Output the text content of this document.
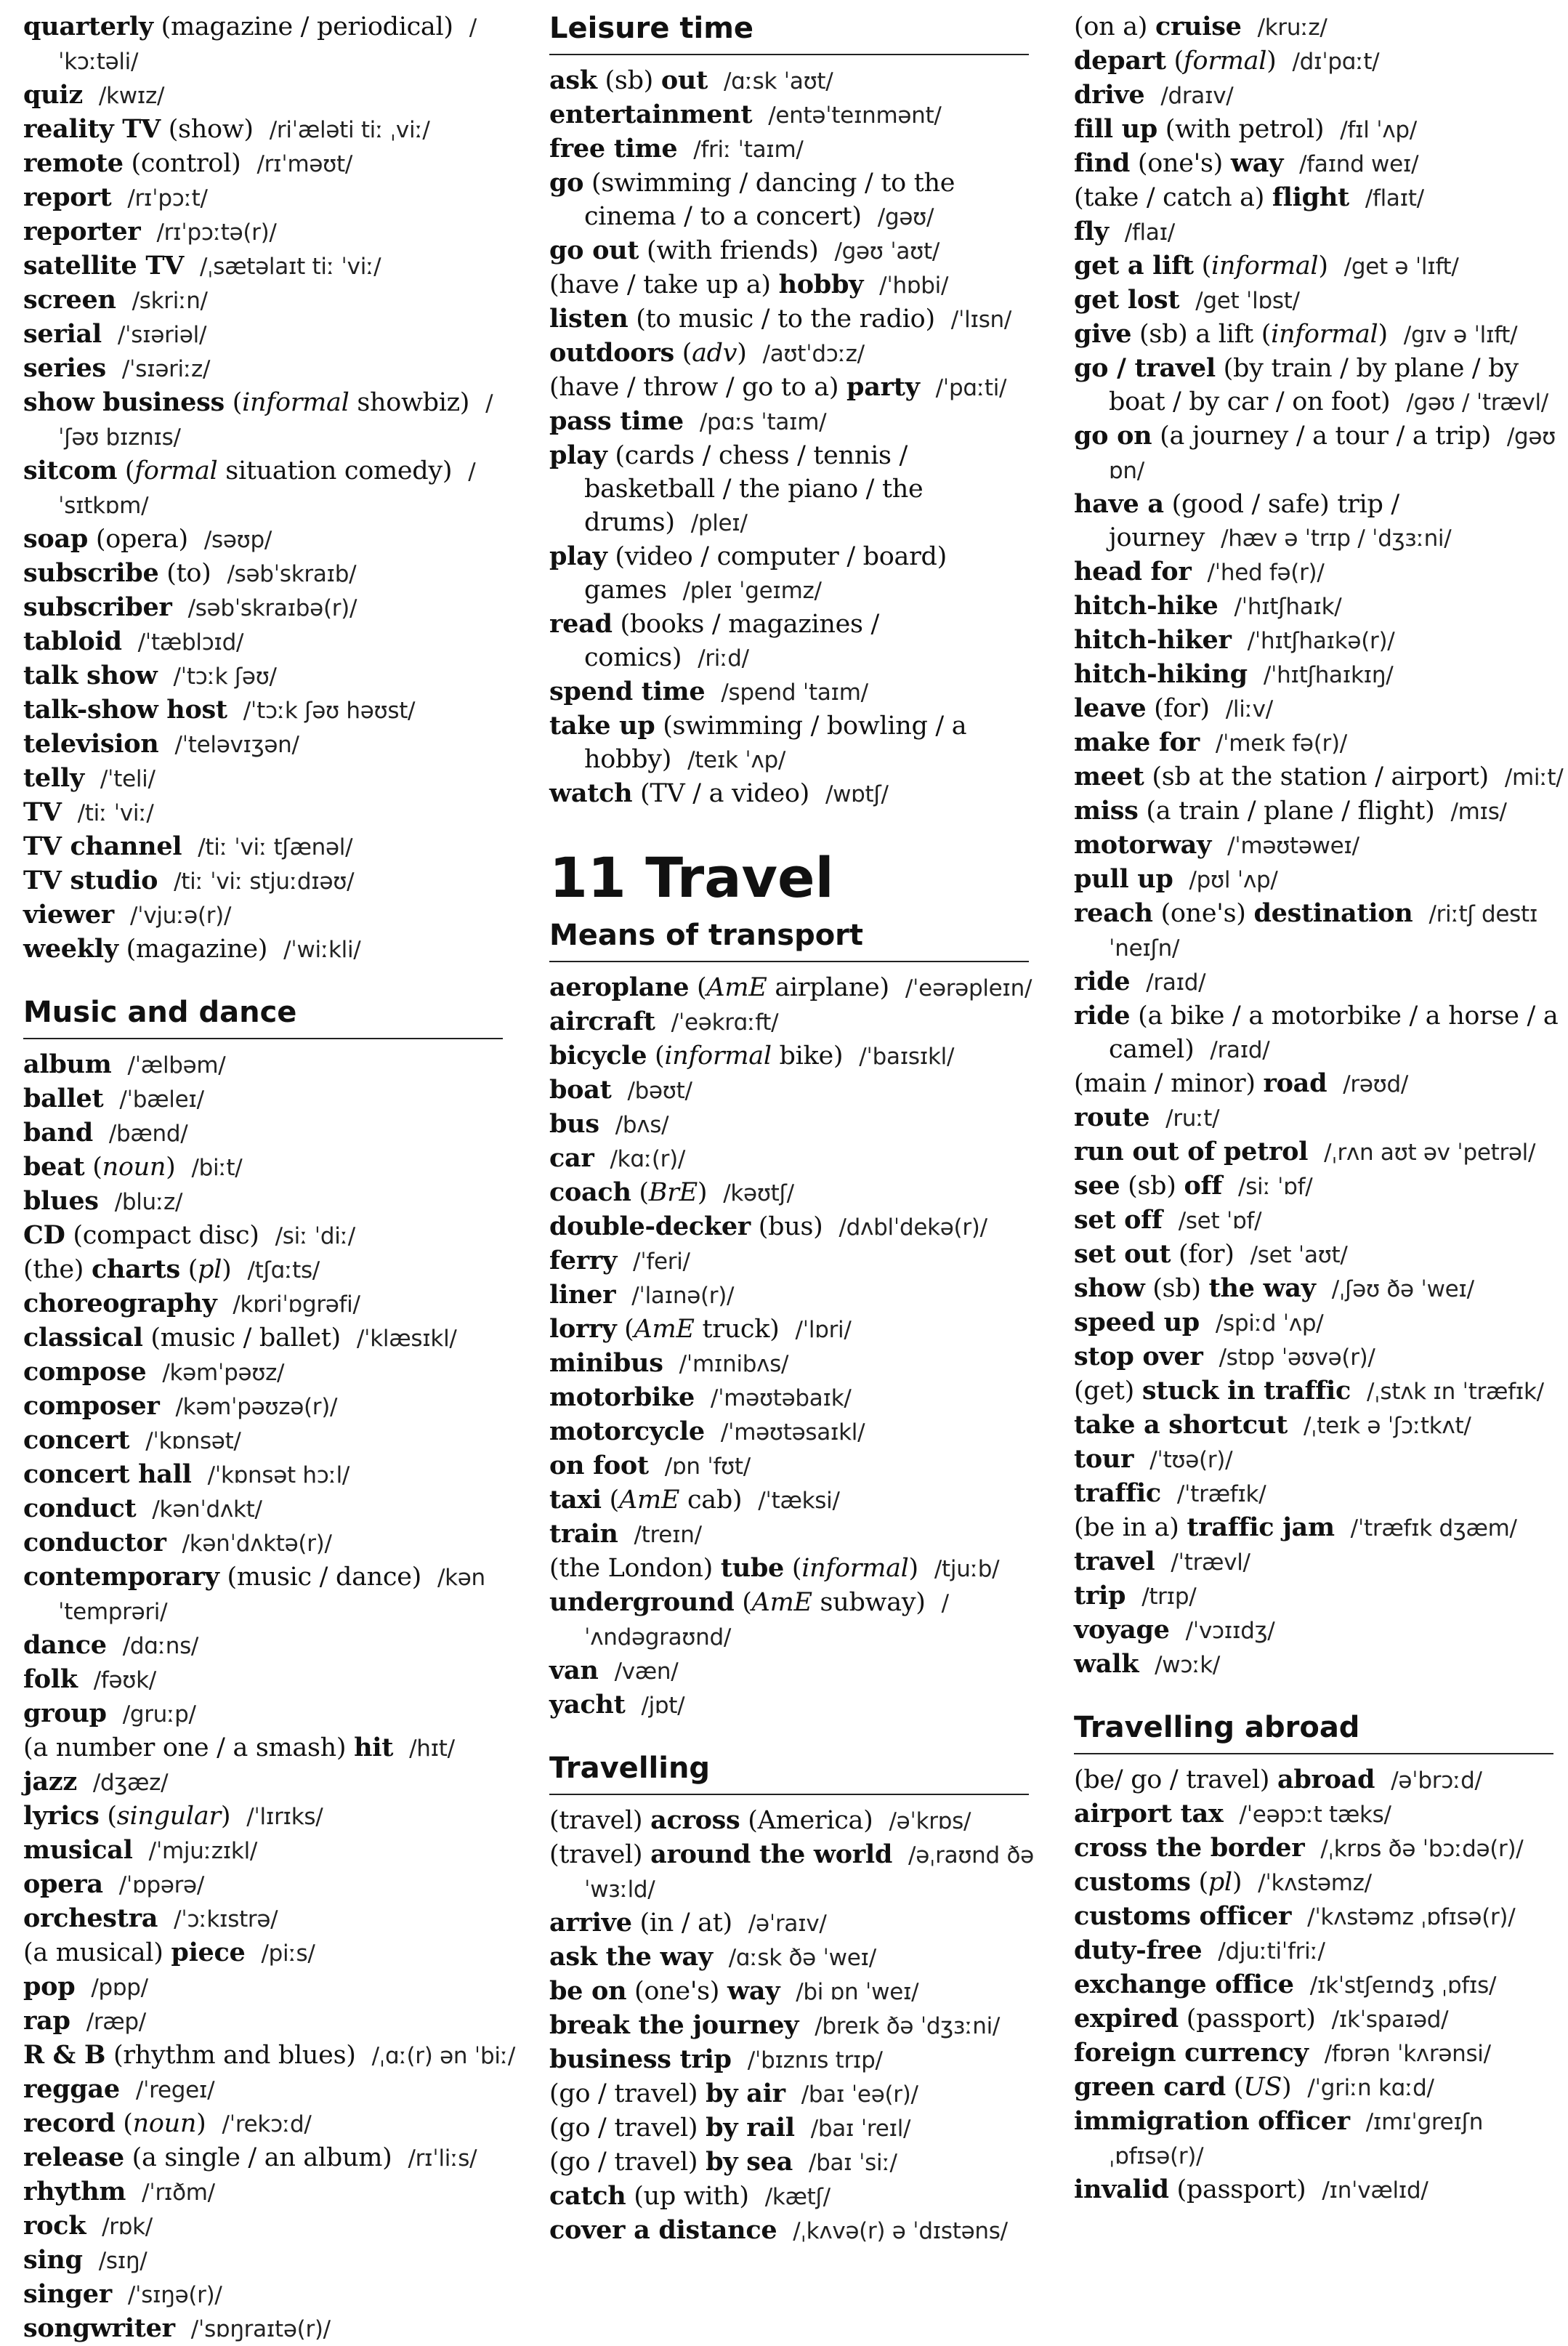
quarterly (magazine / periodical) /ˈkɔːtəli/
quiz /kwɪz/
reality TV (show) /riˈæləti tiː ˌviː/
remote (control) /rɪˈməʊt/
report /rɪˈpɔːt/
reporter /rɪˈpɔːtə(r)/
satellite TV /ˌsætəlaɪt tiː ˈviː/
screen /skriːn/
serial /ˈsɪəriəl/
series /ˈsɪəriːz/
show business (informal showbiz) /ˈʃəʊ bɪznɪs/
sitcom (formal situation comedy) /ˈsɪtkɒm/
soap (opera) /səʊp/
subscribe (to) /səbˈskraɪb/
subscriber /səbˈskraɪbə(r)/
tabloid /ˈtæblɔɪd/
talk show /ˈtɔːk ʃəʊ/
talk-show host /ˈtɔːk ʃəʊ həʊst/
television /ˈteləvɪʒən/
telly /ˈteli/
TV /tiː ˈviː/
TV channel /tiː ˈviː tʃænəl/
TV studio /tiː ˈviː stjuːdɪəʊ/
viewer /ˈvjuːə(r)/
weekly (magazine) /ˈwiːkli/
Music and dance
album /ˈælbəm/
ballet /ˈbæleɪ/
band /bænd/
beat (noun) /biːt/
blues /bluːz/
CD (compact disc) /siː ˈdiː/
(the) charts (pl) /tʃɑːts/
choreography /kɒriˈɒgrəfi/
classical (music / ballet) /ˈklæsɪkl/
compose /kəmˈpəʊz/
composer /kəmˈpəʊzə(r)/
concert /ˈkɒnsət/
concert hall /ˈkɒnsət hɔːl/
conduct /kənˈdʌkt/
conductor /kənˈdʌktə(r)/
contemporary (music / dance) /kənˈtemprəri/
dance /dɑːns/
folk /fəʊk/
group /gruːp/
(a number one / a smash) hit /hɪt/
jazz /dʒæz/
lyrics (singular) /ˈlɪrɪks/
musical /ˈmjuːzɪkl/
opera /ˈɒpərə/
orchestra /ˈɔːkɪstrə/
(a musical) piece /piːs/
pop /pɒp/
rap /ræp/
R & B (rhythm and blues) /ˌɑː(r) ən ˈbiː/
reggae /ˈregeɪ/
record (noun) /ˈrekɔːd/
release (a single / an album) /rɪˈliːs/
rhythm /ˈrɪðm/
rock /rɒk/
sing /sɪŋ/
singer /ˈsɪŋə(r)/
songwriter /ˈsɒŋraɪtə(r)/
Leisure time
ask (sb) out /ɑːsk ˈaʊt/
entertainment /entəˈteɪnmənt/
free time /friː ˈtaɪm/
go (swimming / dancing / to the cinema / to a concert) /gəʊ/
go out (with friends) /gəʊ ˈaʊt/
(have / take up a) hobby /ˈhɒbi/
listen (to music / to the radio) /ˈlɪsn/
outdoors (adv) /aʊtˈdɔːz/
(have / throw / go to a) party /ˈpɑːti/
pass time /pɑːs ˈtaɪm/
play (cards / chess / tennis / basketball / the piano / the drums) /pleɪ/
play (video / computer / board) games /pleɪ ˈgeɪmz/
read (books / magazines / comics) /riːd/
spend time /spend ˈtaɪm/
take up (swimming / bowling / a hobby) /teɪk ˈʌp/
watch (TV / a video) /wɒtʃ/
11 Travel
Means of transport
aeroplane (AmE airplane) /ˈeərəpleɪn/
aircraft /ˈeəkrɑːft/
bicycle (informal bike) /ˈbaɪsɪkl/
boat /bəʊt/
bus /bʌs/
car /kɑː(r)/
coach (BrE) /kəʊtʃ/
double-decker (bus) /dʌblˈdekə(r)/
ferry /ˈferi/
liner /ˈlaɪnə(r)/
lorry (AmE truck) /ˈlɒri/
minibus /ˈmɪnibʌs/
motorbike /ˈməʊtəbaɪk/
motorcycle /ˈməʊtəsaɪkl/
on foot /ɒn ˈfʊt/
taxi (AmE cab) /ˈtæksi/
train /treɪn/
(the London) tube (informal) /tjuːb/
underground (AmE subway) /ˈʌndəgraʊnd/
van /væn/
yacht /jɒt/
Travelling
(travel) across (America) /əˈkrɒs/
(travel) around the world /əˌraʊnd ðə ˈwɜːld/
arrive (in / at) /əˈraɪv/
ask the way /ɑːsk ðə ˈweɪ/
be on (one's) way /bi ɒn ˈweɪ/
break the journey /breɪk ðə ˈdʒɜːni/
business trip /ˈbɪznɪs trɪp/
(go / travel) by air /baɪ ˈeə(r)/
(go / travel) by rail /baɪ ˈreɪl/
(go / travel) by sea /baɪ ˈsiː/
catch (up with) /kætʃ/
cover a distance /ˌkʌvə(r) ə ˈdɪstəns/
(on a) cruise /kruːz/
depart (formal) /dɪˈpɑːt/
drive /draɪv/
fill up (with petrol) /fɪl ˈʌp/
find (one's) way /faɪnd weɪ/
(take / catch a) flight /flaɪt/
fly /flaɪ/
get a lift (informal) /get ə ˈlɪft/
get lost /get ˈlɒst/
give (sb) a lift (informal) /gɪv ə ˈlɪft/
go / travel (by train / by plane / by boat / by car / on foot) /gəʊ / ˈtrævl/
go on (a journey / a tour / a trip) /gəʊ ɒn/
have a (good / safe) trip / journey /hæv ə ˈtrɪp / ˈdʒɜːni/
head for /ˈhed fə(r)/
hitch-hike /ˈhɪtʃhaɪk/
hitch-hiker /ˈhɪtʃhaɪkə(r)/
hitch-hiking /ˈhɪtʃhaɪkɪŋ/
leave (for) /liːv/
make for /ˈmeɪk fə(r)/
meet (sb at the station / airport) /miːt/
miss (a train / plane / flight) /mɪs/
motorway /ˈməʊtəweɪ/
pull up /pʊl ˈʌp/
reach (one's) destination /riːtʃ destɪˈneɪʃn/
ride /raɪd/
ride (a bike / a motorbike / a horse / a camel) /raɪd/
(main / minor) road /rəʊd/
route /ruːt/
run out of petrol /ˌrʌn aʊt əv ˈpetrəl/
see (sb) off /siː ˈɒf/
set off /set ˈɒf/
set out (for) /set ˈaʊt/
show (sb) the way /ˌʃəʊ ðə ˈweɪ/
speed up /spiːd ˈʌp/
stop over /stɒp ˈəʊvə(r)/
(get) stuck in traffic /ˌstʌk ɪn ˈtræfɪk/
take a shortcut /ˌteɪk ə ˈʃɔːtkʌt/
tour /ˈtʊə(r)/
traffic /ˈtræfɪk/
(be in a) traffic jam /ˈtræfɪk dʒæm/
travel /ˈtrævl/
trip /trɪp/
voyage /ˈvɔɪɪdʒ/
walk /wɔːk/
Travelling abroad
(be/ go / travel) abroad /əˈbrɔːd/
airport tax /ˈeəpɔːt tæks/
cross the border /ˌkrɒs ðə ˈbɔːdə(r)/
customs (pl) /ˈkʌstəmz/
customs officer /ˈkʌstəmz ˌɒfɪsə(r)/
duty-free /djuːtiˈfriː/
exchange office /ɪkˈstʃeɪndʒ ˌɒfɪs/
expired (passport) /ɪkˈspaɪəd/
foreign currency /fɒrən ˈkʌrənsi/
green card (US) /ˈgriːn kɑːd/
immigration officer /ɪmɪˈgreɪʃn ˌɒfɪsə(r)/
invalid (passport) /ɪnˈvælɪd/
